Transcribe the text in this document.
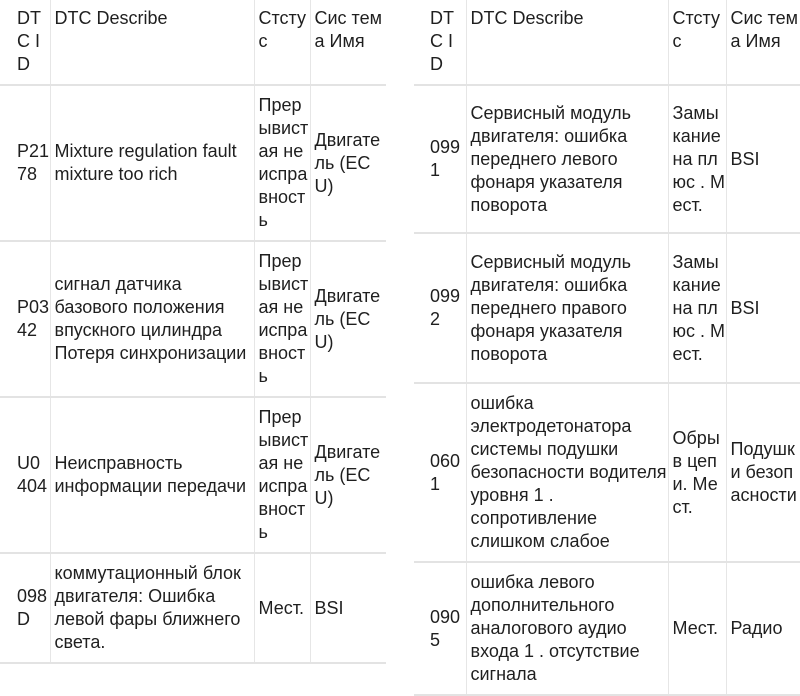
DTC ID	DTC Describe	Стсту с	Сис тема Имя
P2178	Mixture regulation fault mixture too rich	Прерывистая неисправность	Двигатель (ECU)
P0342	сигнал датчика базового положения впускного цилиндра Потеря синхронизации	Прерывистая неисправность	Двигатель (ECU)
U0404	Неисправность информации передачи	Прерывистая неисправность	Двигатель (ECU)
098D	коммутационный блок двигателя: Ошибка левой фары ближнего света.	Мест.	BSI
DTC ID	DTC Describe	Стсту с	Сис тема Имя
0991	Сервисный модуль двигателя: ошибка переднего левого фонаря указателя поворота	Замыкание на плюс . Мест.	BSI
0992	Сервисный модуль двигателя: ошибка переднего правого фонаря указателя поворота	Замыкание на плюс . Мест.	BSI
0601	ошибка электродетонатора системы подушки безопасности водителя уровня 1 . сопротивление слишком слабое	Обрыв цепи. Мест.	Подушки безопасности
0905	ошибка левого дополнительного аналогового аудио входа 1 . отсутствие сигнала	Мест.	Радио
